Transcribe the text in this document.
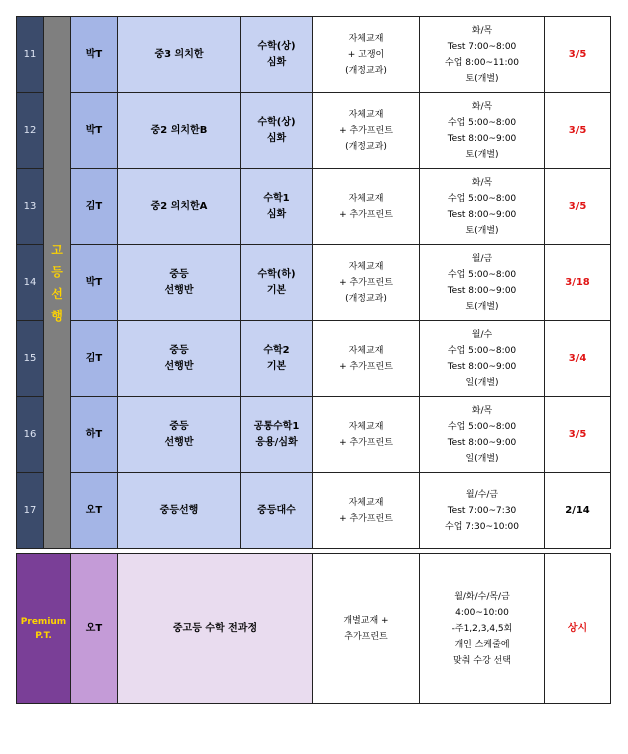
11	고
등
선
행	박T	중3 의치한	수학(상)
심화	자체교재
+ 고쟁이
(개정교과)	화/목
Test 7:00~8:00
수업 8:00~11:00
토(개별)	3/5
12		박T	중2 의치한B	수학(상)
심화	자체교재
+ 추가프린트
(개정교과)	화/목
수업 5:00~8:00
Test 8:00~9:00
토(개별)	3/5
13		김T	중2 의치한A	수학1
심화	자체교재
+ 추가프린트	화/목
수업 5:00~8:00
Test 8:00~9:00
토(개별)	3/5
14		박T	중등
선행반	수학(하)
기본	자체교재
+ 추가프린트
(개정교과)	월/금
수업 5:00~8:00
Test 8:00~9:00
토(개별)	3/18
15		김T	중등
선행반	수학2
기본	자체교재
+ 추가프린트	월/수
수업 5:00~8:00
Test 8:00~9:00
일(개별)	3/4
16		하T	중등
선행반	공통수학1
응용/심화	자체교재
+ 추가프린트	화/목
수업 5:00~8:00
Test 8:00~9:00
일(개별)	3/5
17		오T	중등선행	중등대수	자체교재
+ 추가프린트	월/수/금
Test 7:00~7:30
수업 7:30~10:00	2/14

Premium
P.T.		오T	중고등 수학 전과정		개별교재 +
추가프린트	월/화/수/목/금
4:00~10:00
-주1,2,3,4,5회
개인 스케줄에
맞춰 수강 선택	상시
